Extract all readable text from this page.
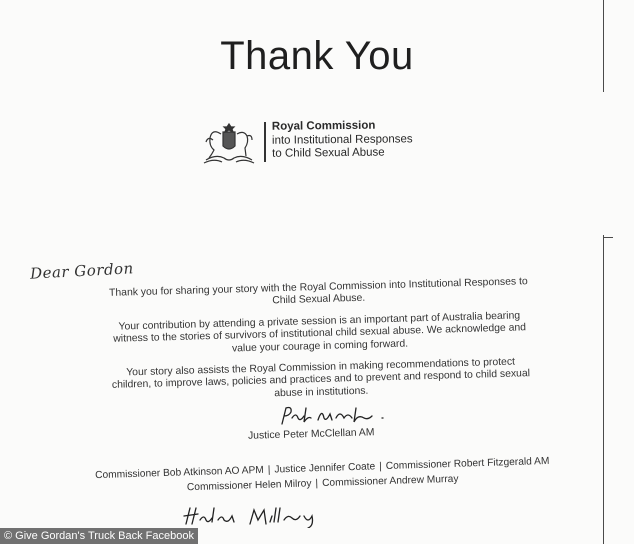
Thank You
Royal Commission
into Institutional Responses
to Child Sexual Abuse
Dear Gordon

Thank you for sharing your story with the Royal Commission into Institutional Responses to Child Sexual Abuse.

Your contribution by attending a private session is an important part of Australia bearing witness to the stories of survivors of institutional child sexual abuse. We acknowledge and value your courage in coming forward.

Your story also assists the Royal Commission in making recommendations to protect children, to improve laws, policies and practices and to prevent and respond to child sexual abuse in institutions.

Justice Peter McClellan AM
Commissioner Bob Atkinson AO APM | Justice Jennifer Coate | Commissioner Robert Fitzgerald AM
Commissioner Helen Milroy | Commissioner Andrew Murray
© Give Gordan's Truck Back Facebook
